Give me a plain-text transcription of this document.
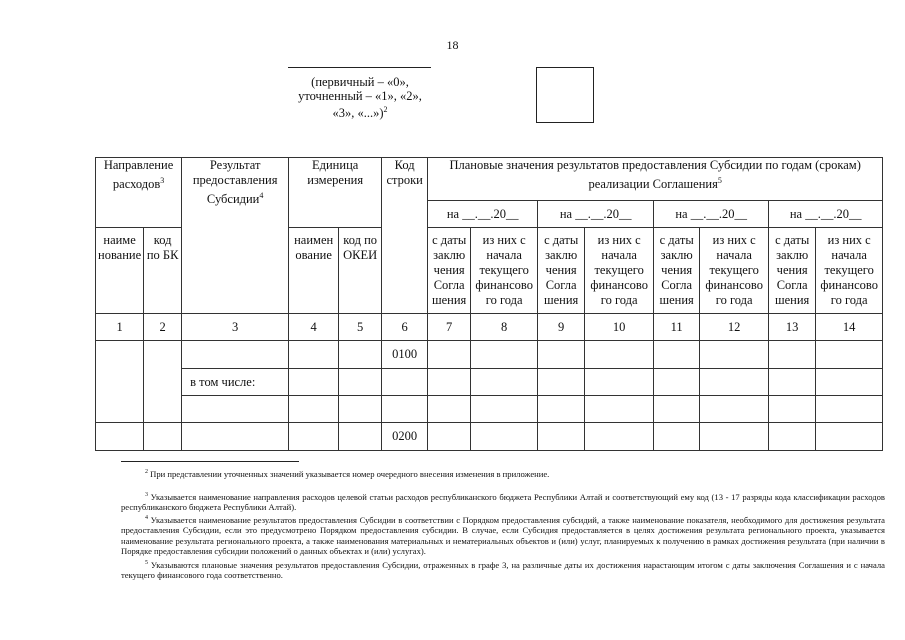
18
(первичный – «0»,
уточненный – «1», «2»,
«3», «...»)$^2$
Направление расходов$^3$		Результат предоставления Субсидии$^4$	Единица измерения		Код строки	Плановые значения результатов предоставления Субсидии по годам (срокам) реализации Соглашения$^5$
						на __.__.20__		на __.__.20__		на __.__.20__		на __.__.20__	
наиме нование	код по БК		наимен ование	код по ОКЕИ		с даты заклю чения Согла шения	из них с начала текущего финансово го года	с даты заклю чения Согла шения	из них с начала текущего финансово го года	с даты заклю чения Согла шения	из них с начала текущего финансово го года	с даты заклю чения Согла шения	из них с начала текущего финансово го года
1	2	3	4	5	6	7	8	9	10	11	12	13	14
					0100								
		в том числе:											

					0200								
$^2$ При представлении уточненных значений указывается номер очередного внесения изменения в приложение.
$^3$ Указывается наименование направления расходов целевой статьи расходов республиканского бюджета Республики Алтай и соответствующий ему код (13 - 17 разряды кода классификации расходов республиканского бюджета Республики Алтай).
$^4$ Указывается наименование результатов предоставления Субсидии в соответствии с Порядком предоставления субсидий, а также наименование показателя, необходимого для достижения результата предоставления Субсидии, если это предусмотрено Порядком предоставления субсидии. В случае, если Субсидия предоставляется в целях достижения результата регионального проекта, указывается наименование результата регионального проекта, а также наименования материальных и нематериальных объектов и (или) услуг, планируемых к получению в рамках достижения результата (при наличии в Порядке предоставления субсидии положений о данных объектах и (или) услугах).
$^5$ Указываются плановые значения результатов предоставления Субсидии, отраженных в графе 3, на различные даты их достижения нарастающим итогом с даты заключения Соглашения и с начала текущего финансового года соответственно.
